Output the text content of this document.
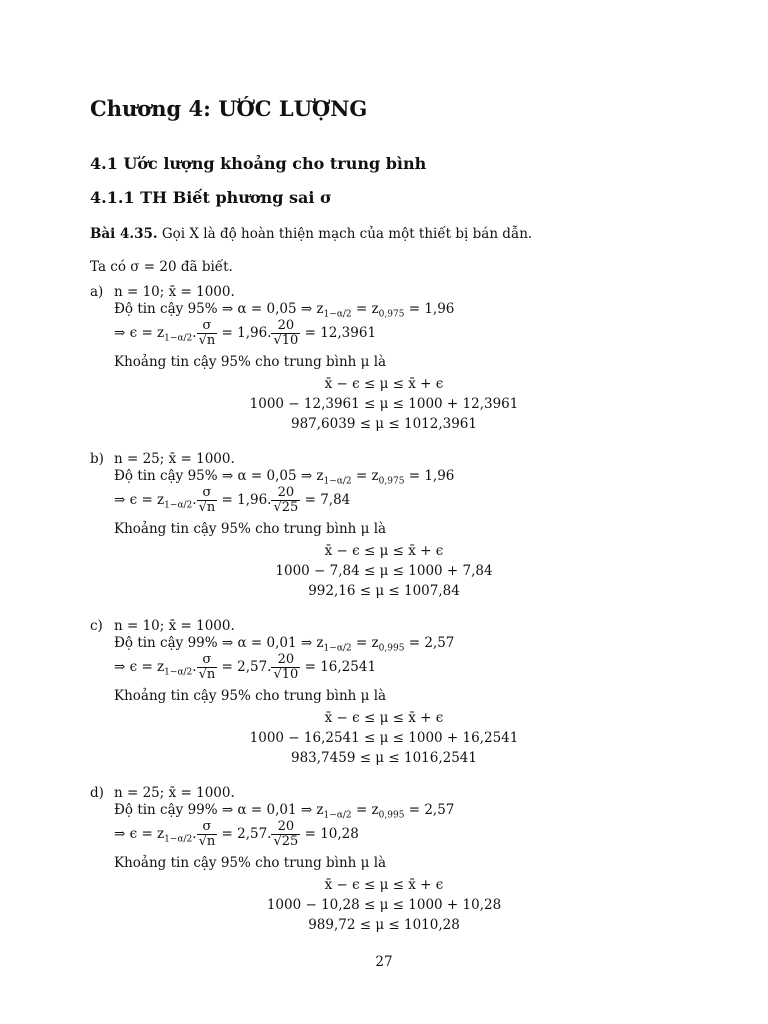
Chương 4: ƯỚC LƯỢNG
4.1 Ước lượng khoảng cho trung bình
4.1.1 TH Biết phương sai σ
Bài 4.35. Gọi X là độ hoàn thiện mạch của một thiết bị bán dẫn.
Ta có σ = 20 đã biết.
a) n = 10; x̄ = 1000.
Độ tin cậy 95% ⇒ α = 0,05 ⇒ $z_{1-\alpha/2} = z_{0,975} = 1,96$
⇒ $\epsilon = z_{1-\alpha/2}$. $\frac{\sigma}{√n} = 1,96$. $\frac{20}{√10} = 12,3961$
Khoảng tin cậy 95% cho trung bình μ là
x̄ − ϵ ≤ μ ≤ x̄ + ϵ
1000 − 12,3961 ≤ μ ≤ 1000 + 12,3961
987,6039 ≤ μ ≤ 1012,3961
b) n = 25; x̄ = 1000.
Độ tin cậy 95% ⇒ α = 0,05 ⇒ $z_{1-\alpha/2} = z_{0,975} = 1,96$
⇒ $\epsilon = z_{1-\alpha/2}$. $\frac{\sigma}{√n} = 1,96$. $\frac{20}{√25} = 7,84$
Khoảng tin cậy 95% cho trung bình μ là
x̄ − ϵ ≤ μ ≤ x̄ + ϵ
1000 − 7,84 ≤ μ ≤ 1000 + 7,84
992,16 ≤ μ ≤ 1007,84
c) n = 10; x̄ = 1000.
Độ tin cậy 99% ⇒ α = 0,01 ⇒ $z_{1-\alpha/2} = z_{0,995} = 2,57$
⇒ $\epsilon = z_{1-\alpha/2}$. $\frac{\sigma}{√n} = 2,57$. $\frac{20}{√10} = 16,2541$
Khoảng tin cậy 95% cho trung bình μ là
x̄ − ϵ ≤ μ ≤ x̄ + ϵ
1000 − 16,2541 ≤ μ ≤ 1000 + 16,2541
983,7459 ≤ μ ≤ 1016,2541
d) n = 25; x̄ = 1000.
Độ tin cậy 99% ⇒ α = 0,01 ⇒ $z_{1-\alpha/2} = z_{0,995} = 2,57$
⇒ $\epsilon = z_{1-\alpha/2}$. $\frac{\sigma}{√n} = 2,57$. $\frac{20}{√25} = 10,28$
Khoảng tin cậy 95% cho trung bình μ là
x̄ − ϵ ≤ μ ≤ x̄ + ϵ
1000 − 10,28 ≤ μ ≤ 1000 + 10,28
989,72 ≤ μ ≤ 1010,28
27
